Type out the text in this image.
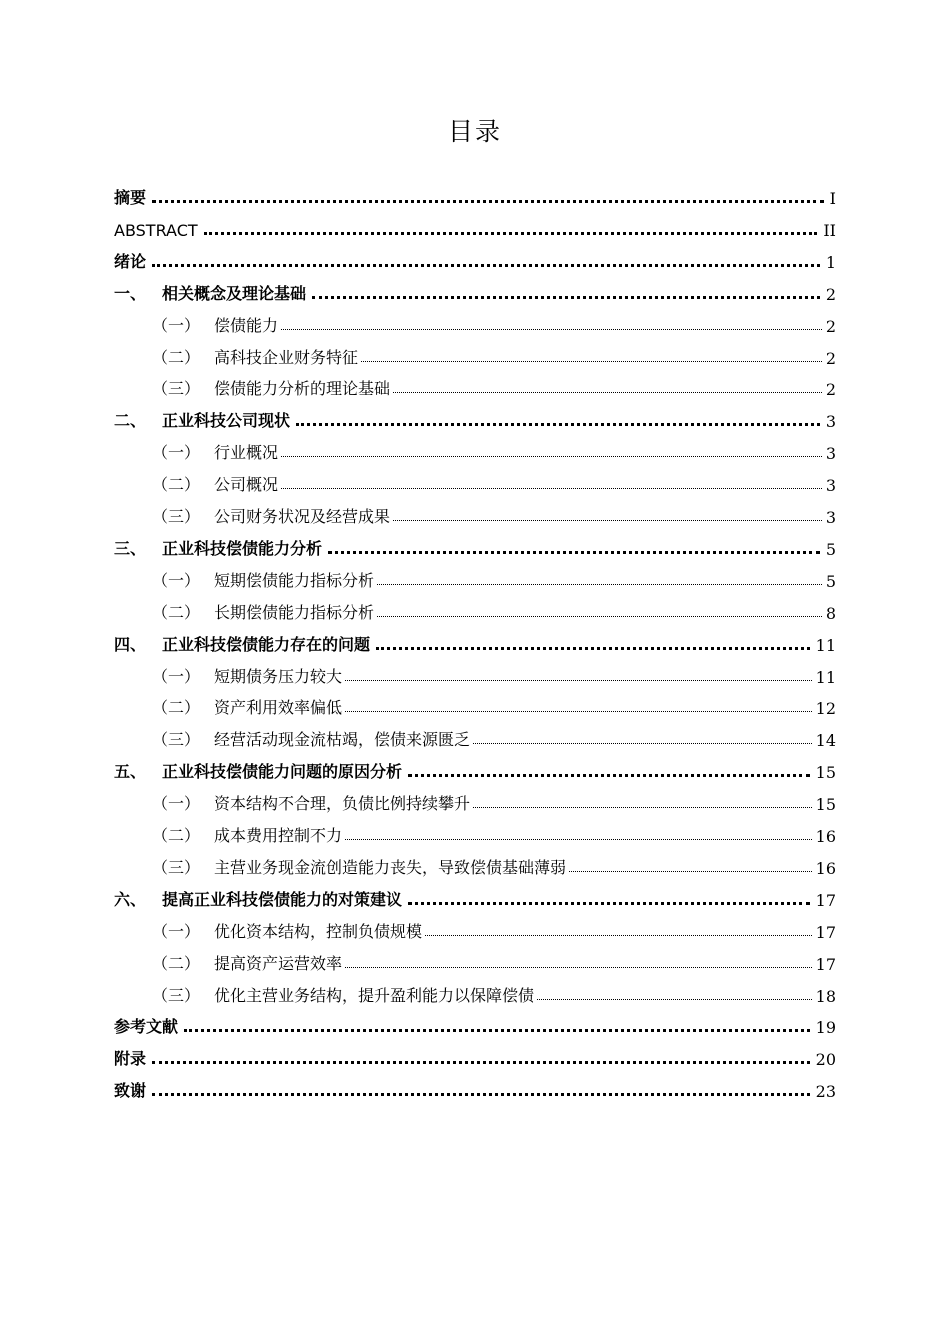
目录
摘要	I
ABSTRACT	II
绪论	1
一、 相关概念及理论基础	2
（一） 偿债能力	2
（二） 高科技企业财务特征	2
（三） 偿债能力分析的理论基础	2
二、 正业科技公司现状	3
（一） 行业概况	3
（二） 公司概况	3
（三） 公司财务状况及经营成果	3
三、 正业科技偿债能力分析	5
（一） 短期偿债能力指标分析	5
（二） 长期偿债能力指标分析	8
四、 正业科技偿债能力存在的问题	11
（一） 短期债务压力较大	11
（二） 资产利用效率偏低	12
（三） 经营活动现金流枯竭，偿债来源匮乏	14
五、 正业科技偿债能力问题的原因分析	15
（一） 资本结构不合理，负债比例持续攀升	15
（二） 成本费用控制不力	16
（三） 主营业务现金流创造能力丧失，导致偿债基础薄弱	16
六、 提高正业科技偿债能力的对策建议	17
（一） 优化资本结构，控制负债规模	17
（二） 提高资产运营效率	17
（三） 优化主营业务结构，提升盈利能力以保障偿债	18
参考文献	19
附录	20
致谢	23
